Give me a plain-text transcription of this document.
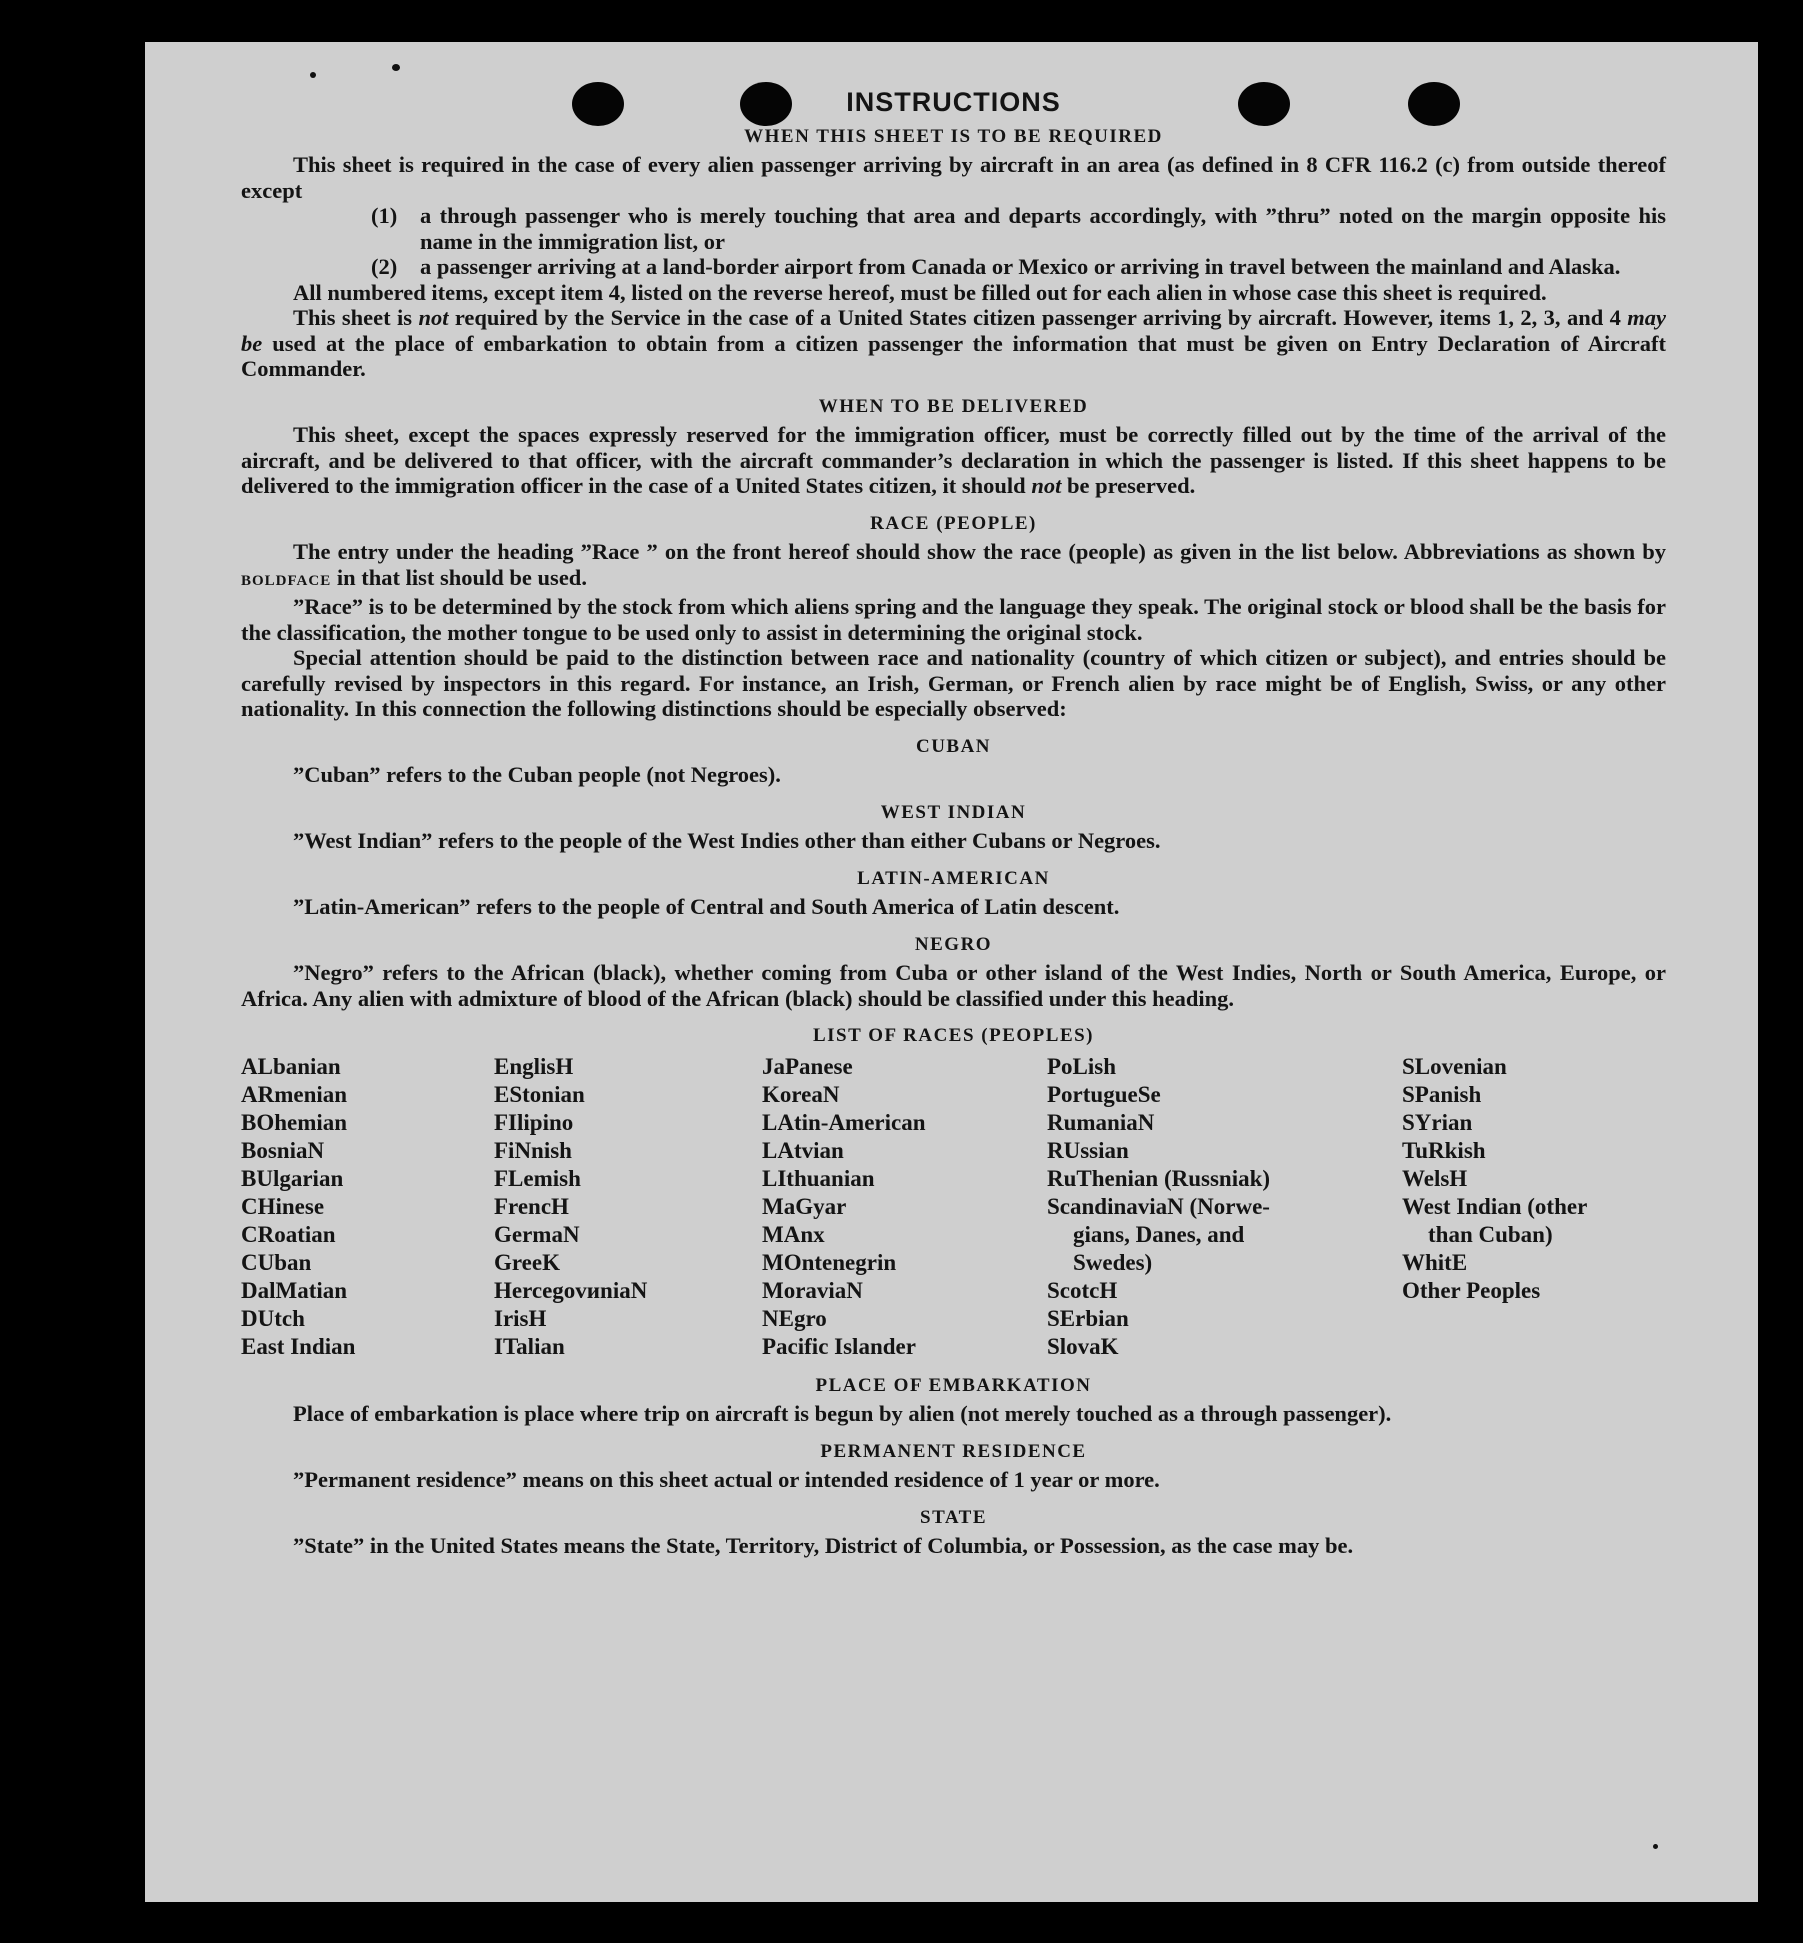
INSTRUCTIONS
WHEN THIS SHEET IS TO BE REQUIRED

This sheet is required in the case of every alien passenger arriving by aircraft in an area (as defined in 8 CFR 116.2 (c) from outside thereof except

(1)	a through passenger who is merely touching that area and departs accordingly, with ”thru” noted on the margin opposite his name in the immigration list, or
(2)	a passenger arriving at a land-border airport from Canada or Mexico or arriving in travel between the mainland and Alaska.

All numbered items, except item 4, listed on the reverse hereof, must be filled out for each alien in whose case this sheet is required.

This sheet is not required by the Service in the case of a United States citizen passenger arriving by aircraft. However, items 1, 2, 3, and 4 may be used at the place of embarkation to obtain from a citizen passenger the information that must be given on Entry Declaration of Aircraft Commander.

WHEN TO BE DELIVERED

This sheet, except the spaces expressly reserved for the immigration officer, must be correctly filled out by the time of the arrival of the aircraft, and be delivered to that officer, with the aircraft commander’s declaration in which the passenger is listed. If this sheet happens to be delivered to the immigration officer in the case of a United States citizen, it should not be preserved.

RACE (PEOPLE)

The entry under the heading ”Race ” on the front hereof should show the race (people) as given in the list below. Abbreviations as shown by BOLDFACE in that list should be used.

”Race” is to be determined by the stock from which aliens spring and the language they speak. The original stock or blood shall be the basis for the classification, the mother tongue to be used only to assist in determining the original stock.

Special attention should be paid to the distinction between race and nationality (country of which citizen or subject), and entries should be carefully revised by inspectors in this regard. For instance, an Irish, German, or French alien by race might be of English, Swiss, or any other nationality. In this connection the following distinctions should be especially observed:

CUBAN

”Cuban” refers to the Cuban people (not Negroes).

WEST INDIAN

”West Indian” refers to the people of the West Indies other than either Cubans or Negroes.

LATIN-AMERICAN

”Latin-American” refers to the people of Central and South America of Latin descent.

NEGRO

”Negro” refers to the African (black), whether coming from Cuba or other island of the West Indies, North or South America, Europe, or Africa. Any alien with admixture of blood of the African (black) should be classified under this heading.

LIST OF RACES (PEOPLES)
ALbanian
ARmenian
BOhemian
BosniaN
BUlgarian
CHinese
CRoatian
CUban
DalMatian
DUtch
East Indian
EnglisH
EStonian
FIlipino
FiNnish
FLemish
FrencH
GermaN
GreeK
HercegovиniaN
IrisH
ITalian
JaPanese
KoreaN
LAtin-American
LAtvian
LIthuanian
MaGyar
MAnx
MOntenegrin
MoraviaN
NEgro
Pacific Islander
PoLish
PortugueSe
RumaniaN
RUssian
RuThenian (Russniak)
ScandinaviaN (Norwe-
gians, Danes, and
Swedes)
ScotcH
SErbian
SlovaK
SLovenian
SPanish
SYrian
TuRkish
WelsH
West Indian (other
than Cuban)
WhitE
Other Peoples
PLACE OF EMBARKATION

Place of embarkation is place where trip on aircraft is begun by alien (not merely touched as a through passenger).

PERMANENT RESIDENCE

”Permanent residence” means on this sheet actual or intended residence of 1 year or more.

STATE

”State” in the United States means the State, Territory, District of Columbia, or Possession, as the case may be.
